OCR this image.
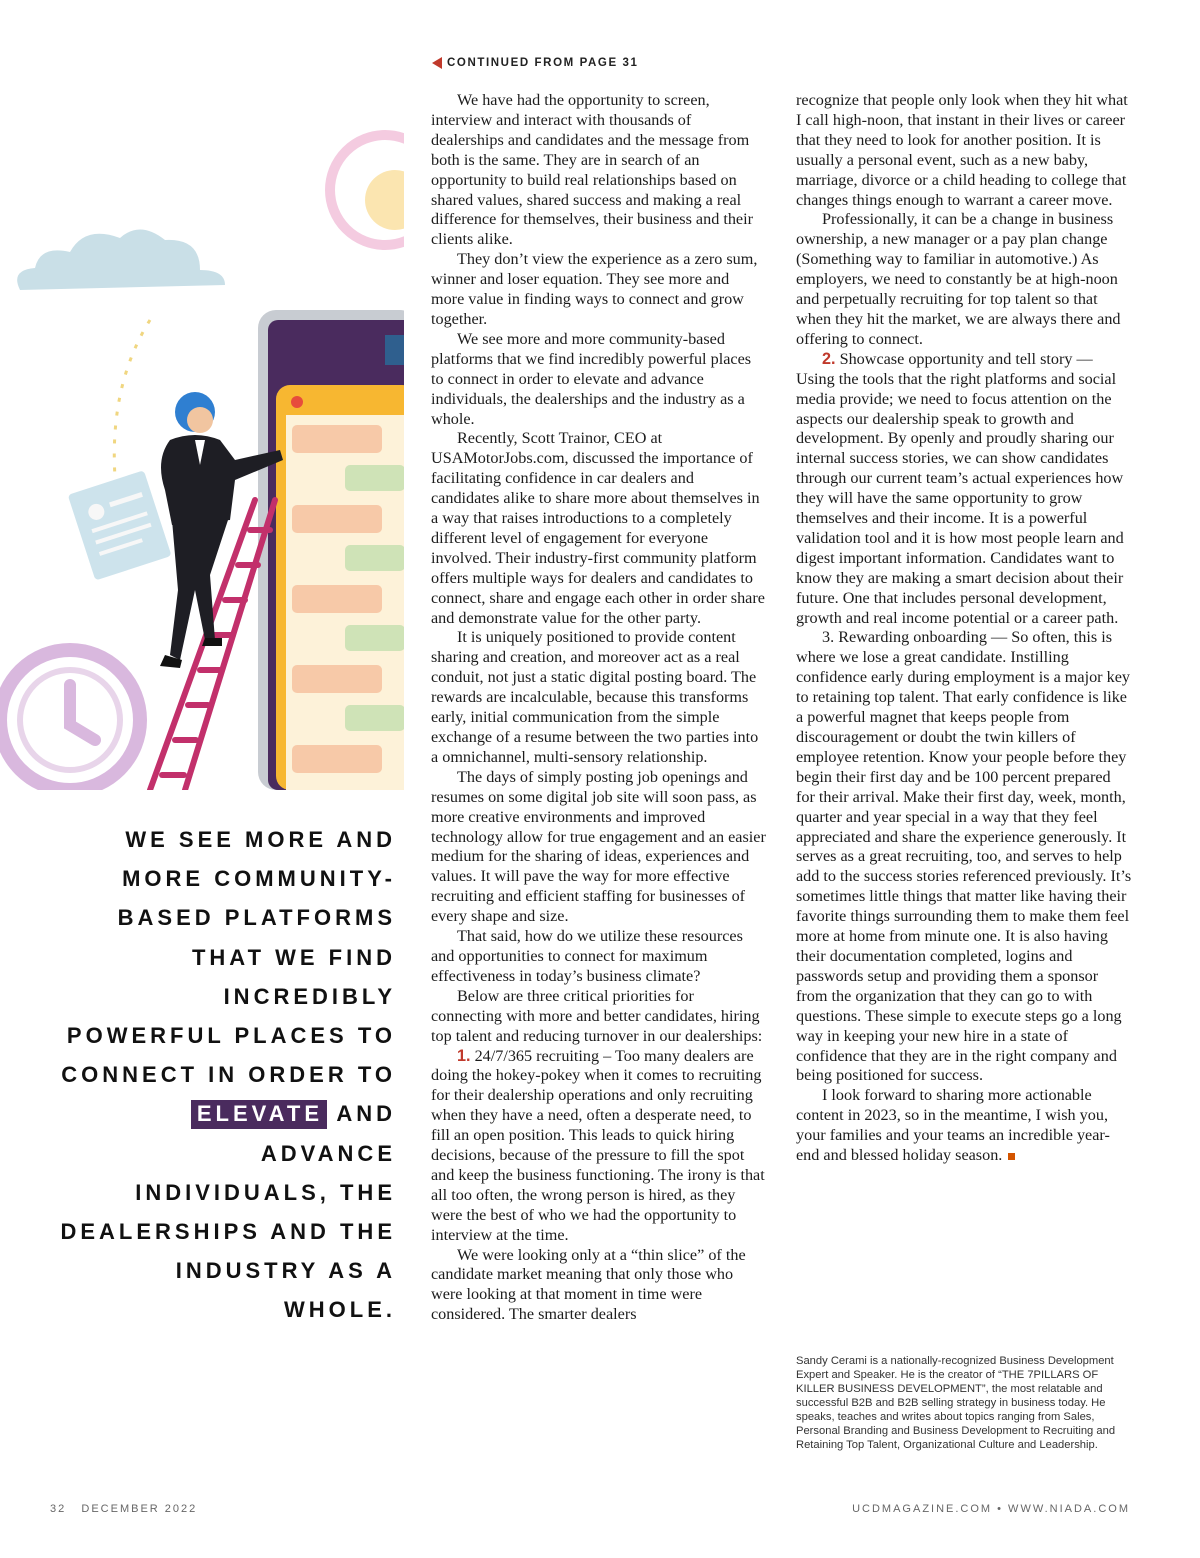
CONTINUED FROM PAGE 31

We have had the opportunity to screen, interview and interact with thousands of dealerships and candidates and the message from both is the same. They are in search of an opportunity to build real relationships based on shared values, shared success and making a real difference for themselves, their business and their clients alike.

They don’t view the experience as a zero sum, winner and loser equation. They see more and more value in finding ways to connect and grow together.

We see more and more community-based platforms that we find incredibly powerful places to connect in order to elevate and advance individuals, the dealerships and the industry as a whole.

Recently, Scott Trainor, CEO at USAMotorJobs.com, discussed the importance of facilitating confidence in car dealers and candidates alike to share more about themselves in a way that raises introductions to a completely different level of engagement for everyone involved. Their industry-first community platform offers multiple ways for dealers and candidates to connect, share and engage each other in order share and demonstrate value for the other party.

It is uniquely positioned to provide content sharing and creation, and moreover act as a real conduit, not just a static digital posting board. The rewards are incalculable, because this transforms early, initial communication from the simple exchange of a resume between the two parties into a omnichannel, multi-sensory relationship.

The days of simply posting job openings and resumes on some digital job site will soon pass, as more creative environments and improved technology allow for true engagement and an easier medium for the sharing of ideas, experiences and values. It will pave the way for more effective recruiting and efficient staffing for businesses of every shape and size.

That said, how do we utilize these resources and opportunities to connect for maximum effectiveness in today’s business climate?

Below are three critical priorities for connecting with more and better candidates, hiring top talent and reducing turnover in our dealerships:

1. 24/7/365 recruiting – Too many dealers are doing the hokey-pokey when it comes to recruiting for their dealership operations and only recruiting when they have a need, often a desperate need, to fill an open position. This leads to quick hiring decisions, because of the pressure to fill the spot and keep the business functioning. The irony is that all too often, the wrong person is hired, as they were the best of who we had the opportunity to interview at the time.

We were looking only at a “thin slice” of the candidate market meaning that only those who were looking at that moment in time were considered. The smarter dealers

recognize that people only look when they hit what I call high-noon, that instant in their lives or career that they need to look for another position. It is usually a personal event, such as a new baby, marriage, divorce or a child heading to college that changes things enough to warrant a career move.

Professionally, it can be a change in business ownership, a new manager or a pay plan change (Something way to familiar in automotive.) As employers, we need to constantly be at high-noon and perpetually recruiting for top talent so that when they hit the market, we are always there and offering to connect.

2. Showcase opportunity and tell story — Using the tools that the right platforms and social media provide; we need to focus attention on the aspects our dealership speak to growth and development. By openly and proudly sharing our internal success stories, we can show candidates through our current team’s actual experiences how they will have the same opportunity to grow themselves and their income. It is a powerful validation tool and it is how most people learn and digest important information. Candidates want to know they are making a smart decision about their future. One that includes personal development, growth and real income potential or a career path.

3. Rewarding onboarding — So often, this is where we lose a great candidate. Instilling confidence early during employment is a major key to retaining top talent. That early confidence is like a powerful magnet that keeps people from discouragement or doubt the twin killers of employee retention. Know your people before they begin their first day and be 100 percent prepared for their arrival. Make their first day, week, month, quarter and year special in a way that they feel appreciated and share the experience generously. It serves as a great recruiting, too, and serves to help add to the success stories referenced previously. It’s sometimes little things that matter like having their favorite things surrounding them to make them feel more at home from minute one. It is also having their documentation completed, logins and passwords setup and providing them a sponsor from the organization that they can go to with questions. These simple to execute steps go a long way in keeping your new hire in a state of confidence that they are in the right company and being positioned for success.

I look forward to sharing more actionable content in 2023, so in the meantime, I wish you, your families and your teams an incredible year-end and blessed holiday season.

Sandy Cerami is a nationally-recognized Business Development Expert and Speaker. He is the creator of “THE 7PILLARS OF KILLER BUSINESS DEVELOPMENT”, the most relatable and successful B2B and B2B selling strategy in business today. He speaks, teaches and writes about topics ranging from Sales, Personal Branding and Business Development to Recruiting and Retaining Top Talent, Organizational Culture and Leadership.
WE SEE MORE AND MORE COMMUNITY-BASED PLATFORMS THAT WE FIND INCREDIBLY POWERFUL PLACES TO CONNECT IN ORDER TO ELEVATE AND ADVANCE INDIVIDUALS, THE DEALERSHIPS AND THE INDUSTRY AS A WHOLE.
32   DECEMBER 2022	UCDMAGAZINE.COM • WWW.NIADA.COM
